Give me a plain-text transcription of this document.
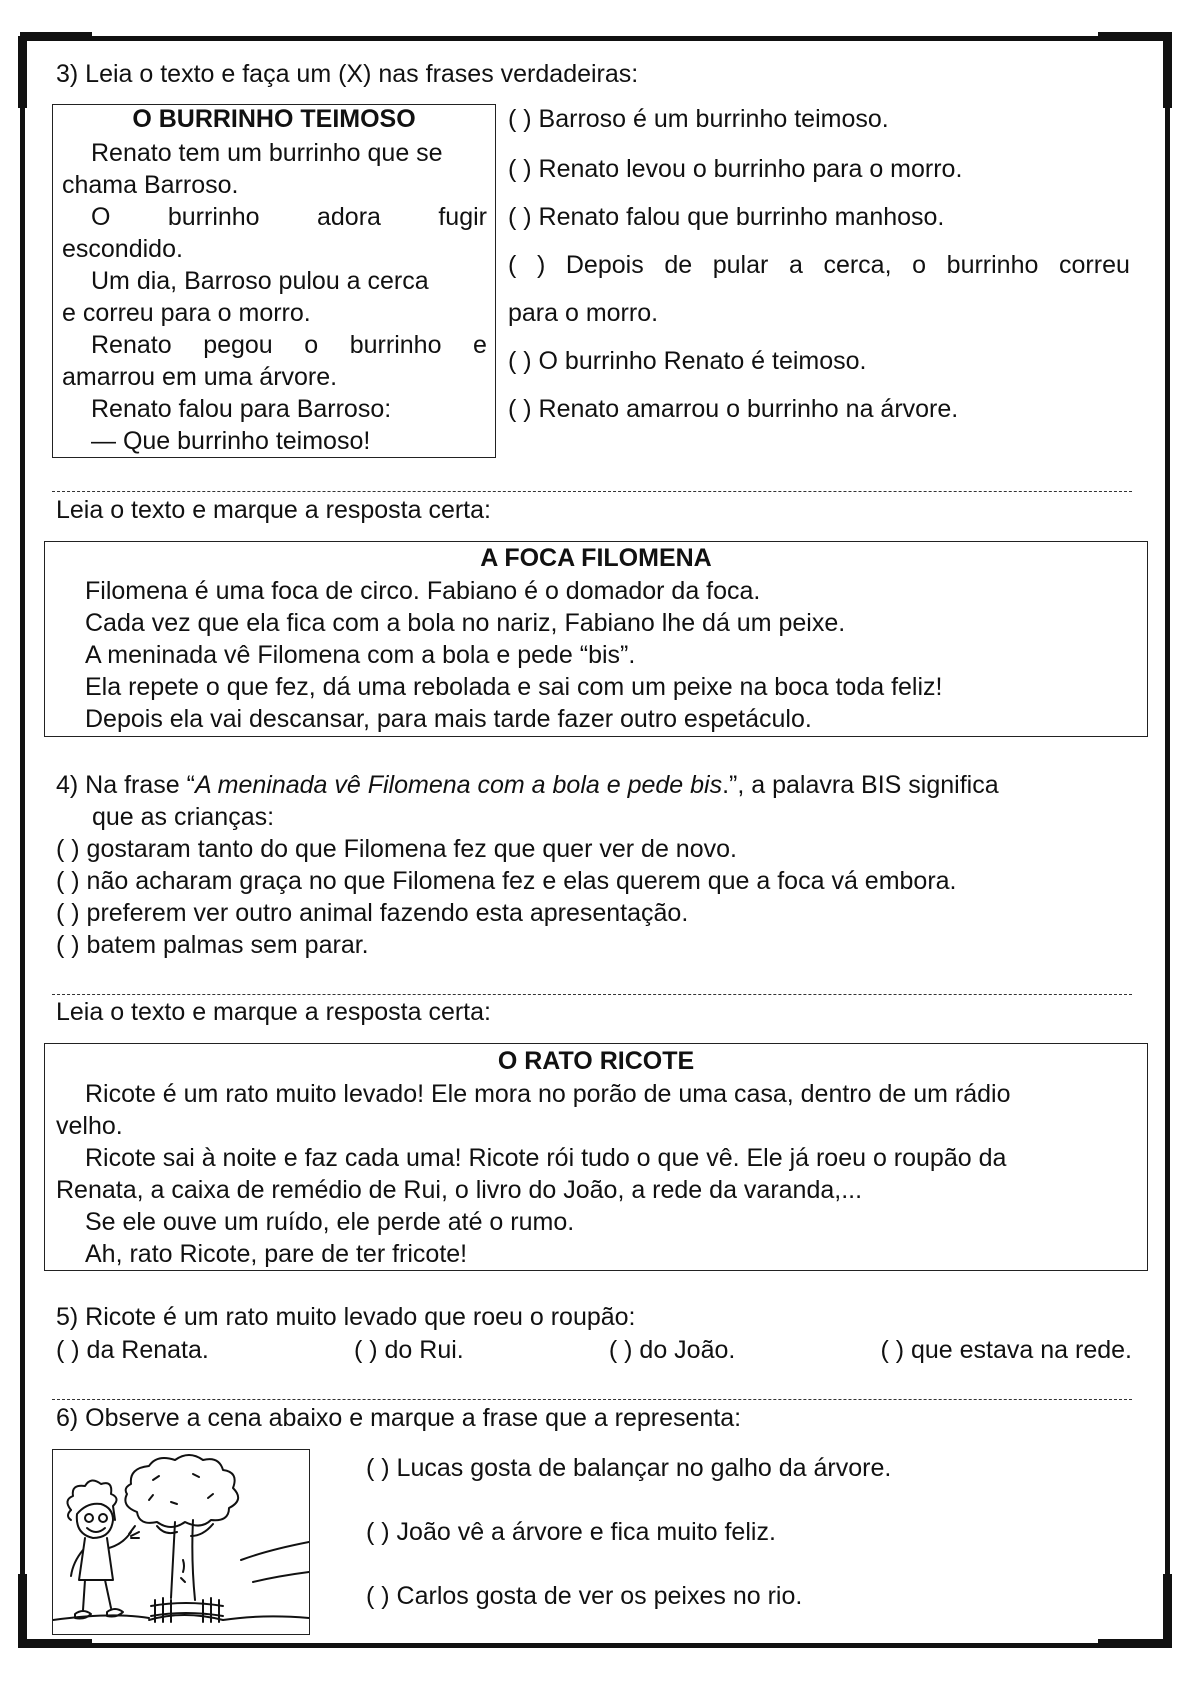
3) Leia o texto e faça um (X) nas frases verdadeiras:
O BURRINHO TEIMOSO
Renato tem um burrinho que se
chama Barroso.
O burrinho adora fugir
escondido.
Um dia, Barroso pulou a cerca
e correu para o morro.
Renato pegou o burrinho e
amarrou em uma árvore.
Renato falou para Barroso:
— Que burrinho teimoso!
( ) Barroso é um burrinho teimoso.
( ) Renato levou o burrinho para o morro.
( ) Renato falou que burrinho manhoso.
( ) Depois de pular a cerca, o burrinho correu
para o morro.
( ) O burrinho Renato é teimoso.
( ) Renato amarrou o burrinho na árvore.
Leia o texto e marque a resposta certa:
A FOCA FILOMENA
Filomena é uma foca de circo. Fabiano é o domador da foca.
Cada vez que ela fica com a bola no nariz, Fabiano lhe dá um peixe.
A meninada vê Filomena com a bola e pede “bis”.
Ela repete o que fez, dá uma rebolada e sai com um peixe na boca toda feliz!
Depois ela vai descansar, para mais tarde fazer outro espetáculo.
4) Na frase “A meninada vê Filomena com a bola e pede bis.”, a palavra BIS significa
que as crianças:
( ) gostaram tanto do que Filomena fez que quer ver de novo.
( ) não acharam graça no que Filomena fez e elas querem que a foca vá embora.
( ) preferem ver outro animal fazendo esta apresentação.
( ) batem palmas sem parar.
Leia o texto e marque a resposta certa:
O RATO RICOTE
Ricote é um rato muito levado! Ele mora no porão de uma casa, dentro de um rádio
velho.
Ricote sai à noite e faz cada uma! Ricote rói tudo o que vê. Ele já roeu o roupão da
Renata, a caixa de remédio de Rui, o livro do João, a rede da varanda,...
Se ele ouve um ruído, ele perde até o rumo.
Ah, rato Ricote, pare de ter fricote!
5) Ricote é um rato muito levado que roeu o roupão:
( ) da Renata.	( ) do Rui.	( ) do João.	( ) que estava na rede.
6) Observe a cena abaixo e marque a frase que a representa:
( ) Lucas gosta de balançar no galho da árvore.
( ) João vê a árvore e fica muito feliz.
( ) Carlos gosta de ver os peixes no rio.
